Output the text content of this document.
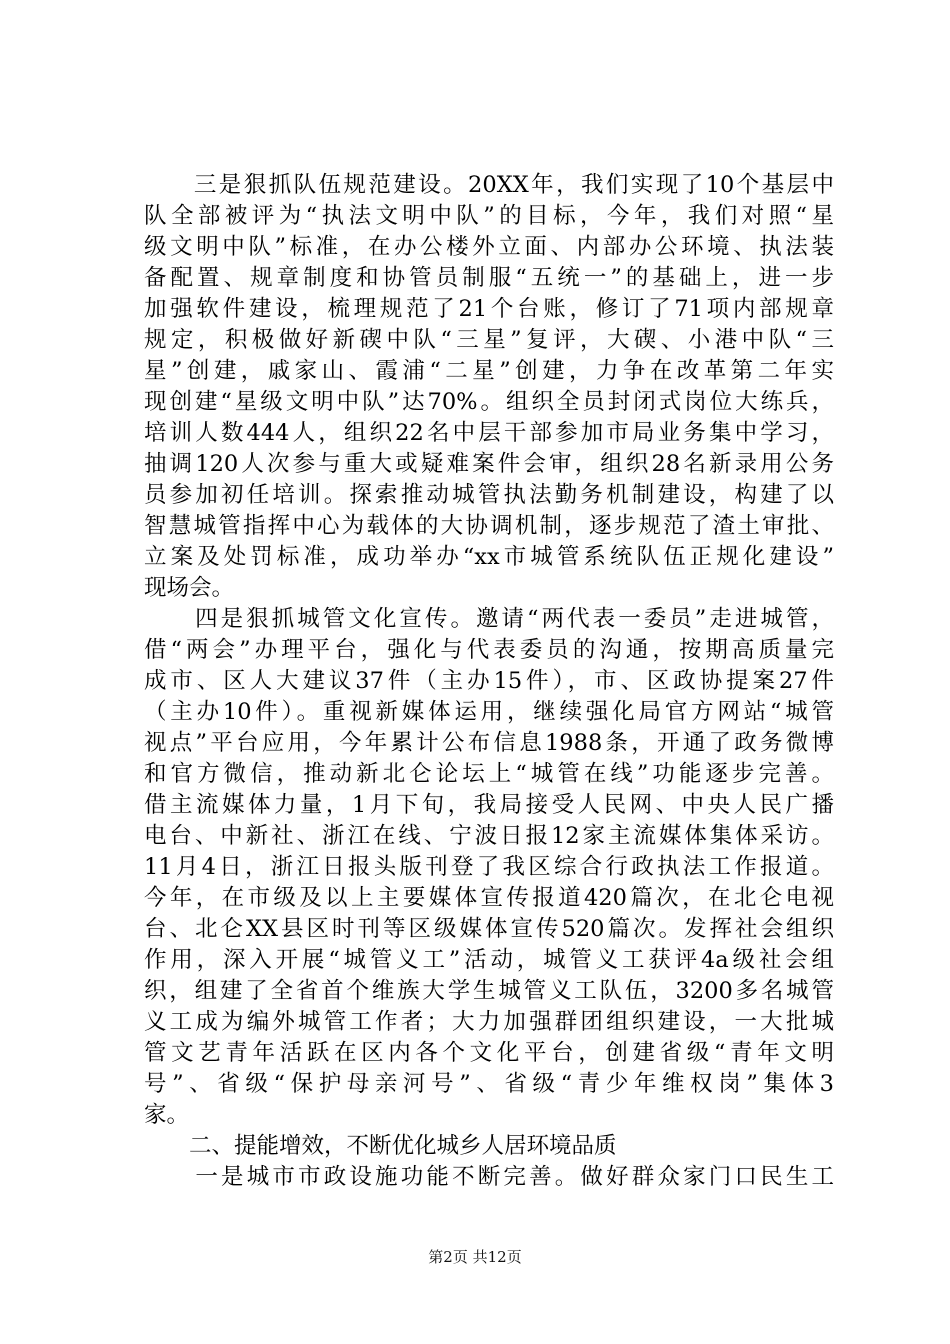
　　三是狠抓队伍规范建设。20XX年，我们实现了10个基层中
队全部被评为“执法文明中队”的目标，今年，我们对照“星
级文明中队”标准，在办公楼外立面、内部办公环境、执法装
备配置、规章制度和协管员制服“五统一”的基础上，进一步
加强软件建设，梳理规范了21个台账，修订了71项内部规章
规定，积极做好新碶中队“三星”复评，大碶、小港中队“三
星”创建，戚家山、霞浦“二星”创建，力争在改革第二年实
现创建“星级文明中队”达70%。组织全员封闭式岗位大练兵，
培训人数444人，组织22名中层干部参加市局业务集中学习，
抽调120人次参与重大或疑难案件会审，组织28名新录用公务
员参加初任培训。探索推动城管执法勤务机制建设，构建了以
智慧城管指挥中心为载体的大协调机制，逐步规范了渣土审批、
立案及处罚标准，成功举办“xx市城管系统队伍正规化建设”
现场会。
　　四是狠抓城管文化宣传。邀请“两代表一委员”走进城管，
借“两会”办理平台，强化与代表委员的沟通，按期高质量完
成市、区人大建议37件（主办15件），市、区政协提案27件
（主办10件）。重视新媒体运用，继续强化局官方网站“城管
视点”平台应用，今年累计公布信息1988条，开通了政务微博
和官方微信，推动新北仑论坛上“城管在线”功能逐步完善。
借主流媒体力量，1月下旬，我局接受人民网、中央人民广播
电台、中新社、浙江在线、宁波日报12家主流媒体集体采访。
11月4日，浙江日报头版刊登了我区综合行政执法工作报道。
今年，在市级及以上主要媒体宣传报道420篇次，在北仑电视
台、北仑XX县区时刊等区级媒体宣传520篇次。发挥社会组织
作用，深入开展“城管义工”活动，城管义工获评4a级社会组
织，组建了全省首个维族大学生城管义工队伍，3200多名城管
义工成为编外城管工作者；大力加强群团组织建设，一大批城
管文艺青年活跃在区内各个文化平台，创建省级“青年文明
号”、省级“保护母亲河号”、省级“青少年维权岗”集体3
家。
　　二、提能增效，不断优化城乡人居环境品质
　　一是城市市政设施功能不断完善。做好群众家门口民生工
第2页 共12页
